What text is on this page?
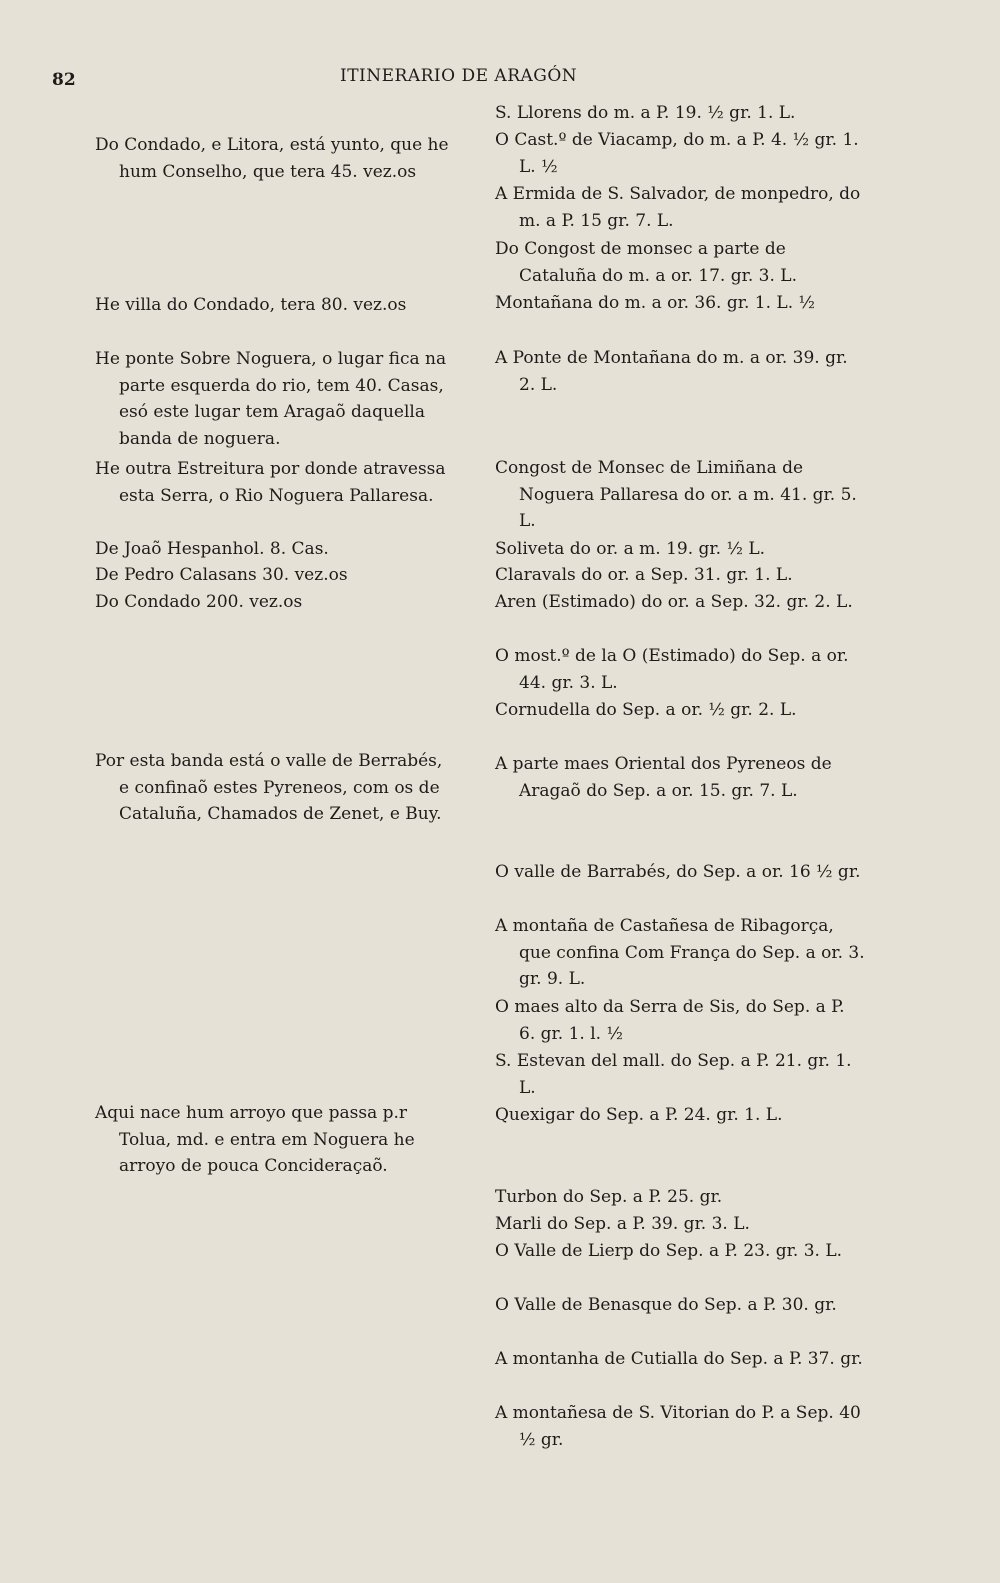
82	ITINERARIO DE ARAGÓN
Do Condado, e Litora, está yunto, que he hum Conselho, que tera 45. vez.os
He villa do Condado, tera 80. vez.os
He ponte Sobre Noguera, o lugar fica na parte esquerda do rio, tem 40. Casas, esó este lugar tem Aragaõ daquella banda de noguera.
He outra Estreitura por donde atravessa esta Serra, o Rio Noguera Pallaresa.
De Joaõ Hespanhol. 8. Cas.
De Pedro Calasans 30. vez.os
Do Condado 200. vez.os
Por esta banda está o valle de Berrabés, e confinaõ estes Pyreneos, com os de Cataluña, Chamados de Zenet, e Buy.
Aqui nace hum arroyo que passa p.r Tolua, md. e entra em Noguera he arroyo de pouca Concideraçaõ.
S. Llorens do m. a P. 19. ½ gr. 1. L.
O Cast.º de Viacamp, do m. a P. 4. ½ gr. 1. L. ½
A Ermida de S. Salvador, de monpedro, do m. a P. 15 gr. 7. L.
Do Congost de monsec a parte de Cataluña do m. a or. 17. gr. 3. L.
Montañana do m. a or. 36. gr. 1. L. ½
A Ponte de Montañana do m. a or. 39. gr. 2. L.
Congost de Monsec de Limiñana de Noguera Pallaresa do or. a m. 41. gr. 5. L.
Soliveta do or. a m. 19. gr. ½ L.
Claravals do or. a Sep. 31. gr. 1. L.
Aren (Estimado) do or. a Sep. 32. gr. 2. L.
O most.º de la O (Estimado) do Sep. a or. 44. gr. 3. L.
Cornudella do Sep. a or. ½ gr. 2. L.
A parte maes Oriental dos Pyreneos de Aragaõ do Sep. a or. 15. gr. 7. L.
O valle de Barrabés, do Sep. a or. 16 ½ gr.
A montaña de Castañesa de Ribagorça, que confina Com França do Sep. a or. 3. gr. 9. L.
O maes alto da Serra de Sis, do Sep. a P. 6. gr. 1. l. ½
S. Estevan del mall. do Sep. a P. 21. gr. 1. L.
Quexigar do Sep. a P. 24. gr. 1. L.
Turbon do Sep. a P. 25. gr.
Marli do Sep. a P. 39. gr. 3. L.
O Valle de Lierp do Sep. a P. 23. gr. 3. L.
O Valle de Benasque do Sep. a P. 30. gr.
A montanha de Cutialla do Sep. a P. 37. gr.
A montañesa de S. Vitorian do P. a Sep. 40 ½ gr.
